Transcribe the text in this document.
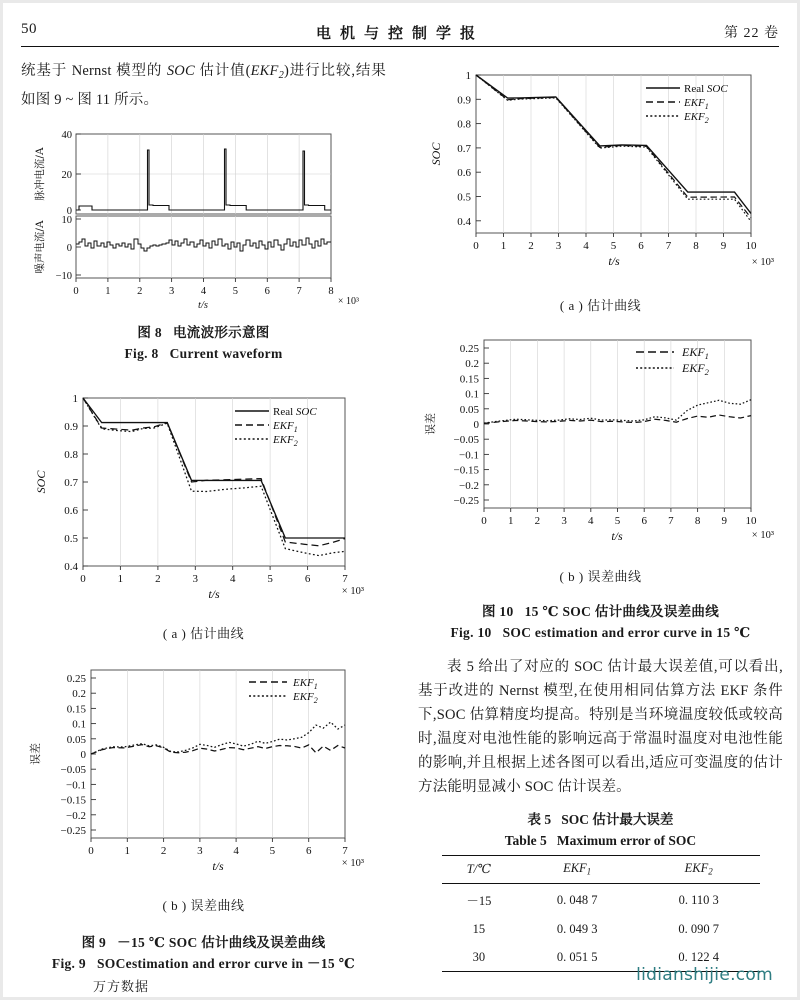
50	电机与控制学报	第 22 卷

统基于 Nernst 模型的 SOC 估计值$(EKF_2)$进行比较,结果如图 9 ~ 图 11 所示。

40
20
0
脉冲电流/A
10
0
−10
噪声电流/A
0	1	2	3	4	5	6	7	8
t/s	× 10³
图 8 电流波形示意图
Fig. 8 Current waveform
1
0.9
0.8
0.7
0.6
0.5
0.4
SOC
Real SOC
$EKF_1$
$EKF_2$
0	1	2	3	4	5	6	7
t/s	× 10³
( a ) 估计曲线
0.25
0.2
0.15
0.1
0.05
0
−0.05
−0.1
−0.15
−0.2
−0.25
误差
$EKF_1$
$EKF_2$
0	1	2	3	4	5	6	7
t/s	× 10³
( b ) 误差曲线
图 9 －15 ℃ SOC 估计曲线及误差曲线
Fig. 9 SOCestimation and error curve in －15 ℃
万方数据
1
0.9
0.8
0.7
0.6
0.5
0.4
SOC
Real SOC
$EKF_1$
$EKF_2$
0 1 2 3 4 5 6 7 8 9 10
t/s	× 10³
( a ) 估计曲线
0.25
0.2
0.15
0.1
0.05
0
−0.05
−0.1
−0.15
−0.2
−0.25
误差
$EKF_1$
$EKF_2$
0 1 2 3 4 5 6 7 8 9 10
t/s	× 10³
( b ) 误差曲线
图 10 15 ℃ SOC 估计曲线及误差曲线
Fig. 10 SOC estimation and error curve in 15 ℃

表 5 给出了对应的 SOC 估计最大误差值,可以看出,基于改进的 Nernst 模型,在使用相同估算方法 EKF 条件下,SOC 估算精度均提高。特别是当环境温度较低或较高时,温度对电池性能的影响远高于常温时温度对电池性能的影响,并且根据上述各图可以看出,适应可变温度的估计方法能明显减小 SOC 估计误差。

表 5 SOC 估计最大误差
Table 5 Maximum error of SOC
T/℃	$EKF_1$	$EKF_2$
－15	0. 048 7	0. 110 3
15	0. 049 3	0. 090 7
30	0. 051 5	0. 122 4
lidianshijie.com
